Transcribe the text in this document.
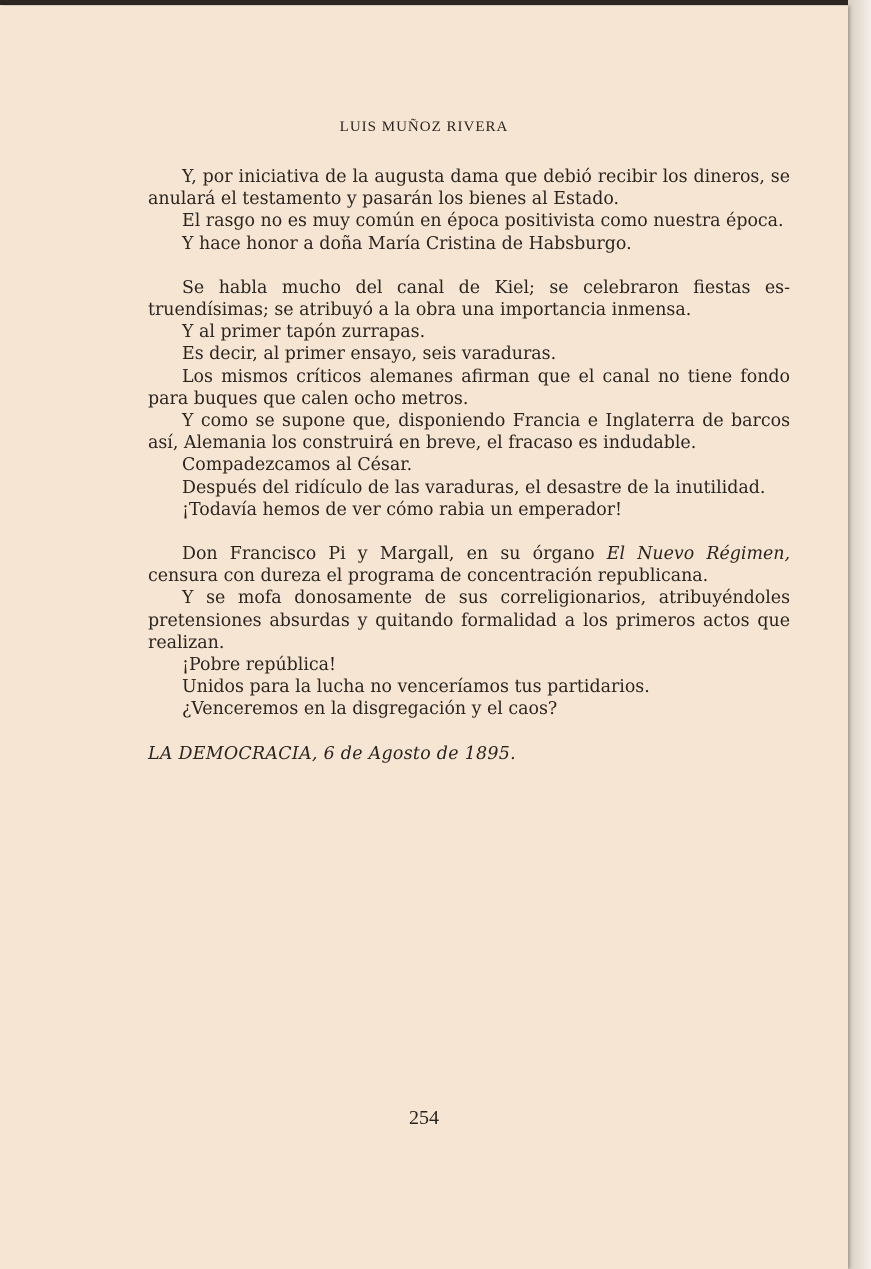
LUIS MUÑOZ RIVERA

Y, por iniciativa de la augusta dama que debió recibir los dineros, se anulará el testamento y pasarán los bienes al Estado.

El rasgo no es muy común en época positivista como nuestra época.

Y hace honor a doña María Cristina de Habsburgo.

Se habla mucho del canal de Kiel; se celebraron fiestas estruendísimas; se atribuyó a la obra una importancia inmensa.

Y al primer tapón zurrapas.

Es decir, al primer ensayo, seis varaduras.

Los mismos críticos alemanes afirman que el canal no tiene fondo para buques que calen ocho metros.

Y como se supone que, disponiendo Francia e Inglaterra de barcos así, Alemania los construirá en breve, el fracaso es indudable.

Compadezcamos al César.

Después del ridículo de las varaduras, el desastre de la inutilidad.

¡Todavía hemos de ver cómo rabia un emperador!

Don Francisco Pi y Margall, en su órgano El Nuevo Régimen, censura con dureza el programa de concentración republicana.

Y se mofa donosamente de sus correligionarios, atribuyéndoles pretensiones absurdas y quitando formalidad a los primeros actos que realizan.

¡Pobre república!

Unidos para la lucha no venceríamos tus partidarios.

¿Venceremos en la disgregación y el caos?

LA DEMOCRACIA, 6 de Agosto de 1895.

254
